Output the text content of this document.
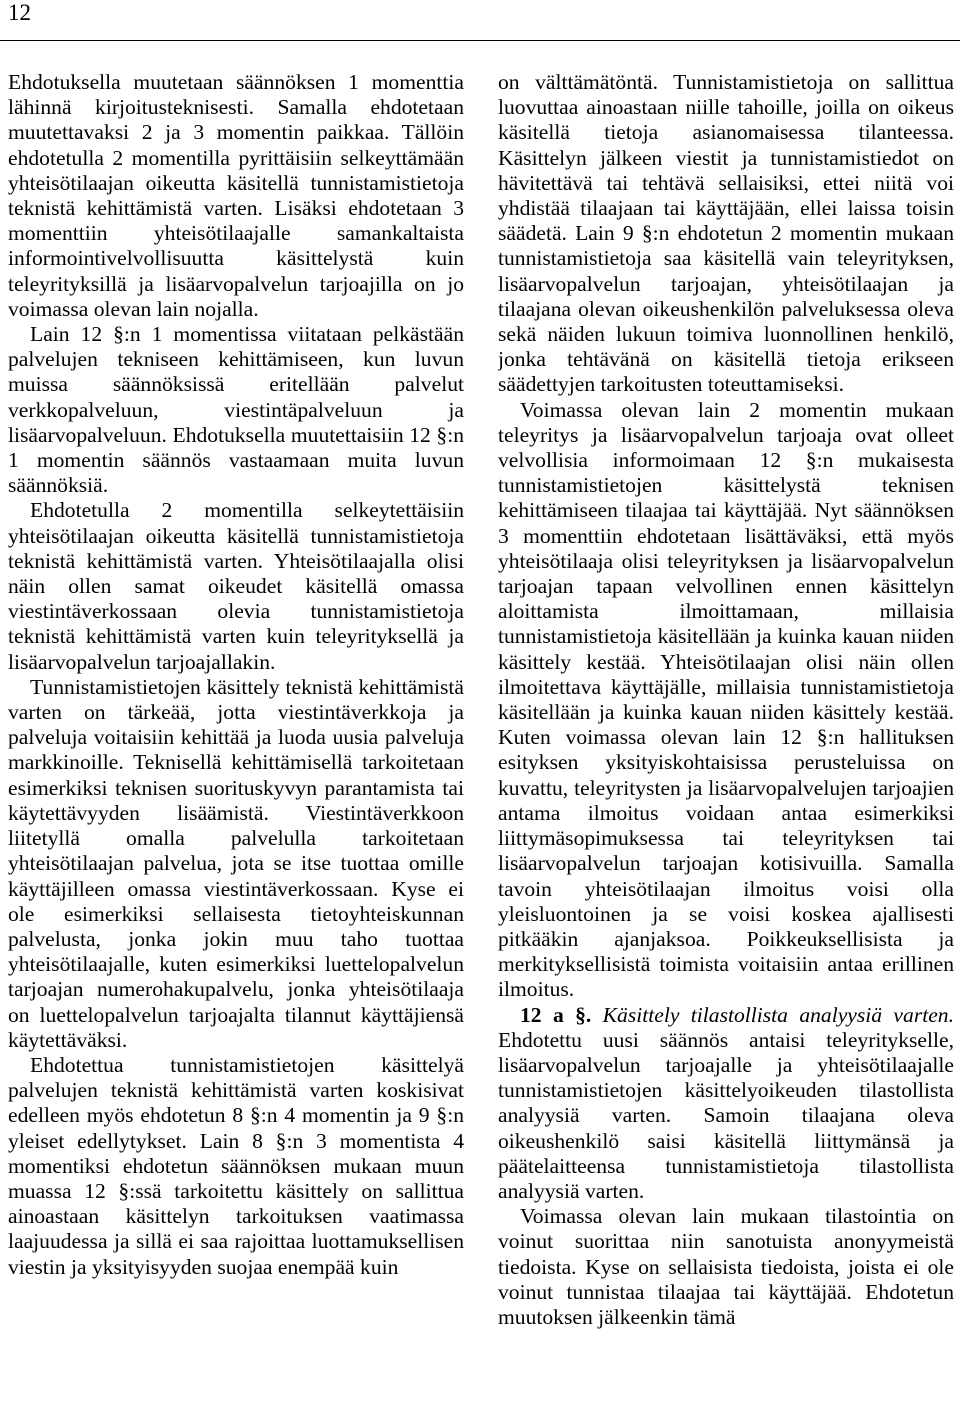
12

Ehdotuksella muutetaan säännöksen 1 momenttia lähinnä kirjoitusteknisesti. Samalla ehdotetaan muutettavaksi 2 ja 3 momentin paikkaa. Tällöin ehdotetulla 2 momentilla pyrittäisiin selkeyttämään yhteisötilaajan oikeutta käsitellä tunnistamistietoja teknistä kehittämistä varten. Lisäksi ehdotetaan 3 momenttiin yhteisötilaajalle samankaltaista informointivelvollisuutta käsittelystä kuin teleyrityksillä ja lisäarvopalvelun tarjoajilla on jo voimassa olevan lain nojalla.

Lain 12 §:n 1 momentissa viitataan pelkästään palvelujen tekniseen kehittämiseen, kun luvun muissa säännöksissä eritellään palvelut verkkopalveluun, viestintäpalveluun ja lisäarvopalveluun. Ehdotuksella muutettaisiin 12 §:n 1 momentin säännös vastaamaan muita luvun säännöksiä.

Ehdotetulla 2 momentilla selkeytettäisiin yhteisötilaajan oikeutta käsitellä tunnistamistietoja teknistä kehittämistä varten. Yhteisötilaajalla olisi näin ollen samat oikeudet käsitellä omassa viestintäverkossaan olevia tunnistamistietoja teknistä kehittämistä varten kuin teleyrityksellä ja lisäarvopalvelun tarjoajallakin.

Tunnistamistietojen käsittely teknistä kehittämistä varten on tärkeää, jotta viestintäverkkoja ja palveluja voitaisiin kehittää ja luoda uusia palveluja markkinoille. Teknisellä kehittämisellä tarkoitetaan esimerkiksi teknisen suorituskyvyn parantamista tai käytettävyyden lisäämistä. Viestintäverkkoon liitetyllä omalla palvelulla tarkoitetaan yhteisötilaajan palvelua, jota se itse tuottaa omille käyttäjilleen omassa viestintäverkossaan. Kyse ei ole esimerkiksi sellaisesta tietoyhteiskunnan palvelusta, jonka jokin muu taho tuottaa yhteisötilaajalle, kuten esimerkiksi luettelopalvelun tarjoajan numerohakupalvelu, jonka yhteisötilaaja on luettelopalvelun tarjoajalta tilannut käyttäjiensä käytettäväksi.

Ehdotettua tunnistamistietojen käsittelyä palvelujen teknistä kehittämistä varten koskisivat edelleen myös ehdotetun 8 §:n 4 momentin ja 9 §:n yleiset edellytykset. Lain 8 §:n 3 momentista 4 momentiksi ehdotetun säännöksen mukaan muun muassa 12 §:ssä tarkoitettu käsittely on sallittua ainoastaan käsittelyn tarkoituksen vaatimassa laajuudessa ja sillä ei saa rajoittaa luottamuksellisen viestin ja yksityisyyden suojaa enempää kuin

on välttämätöntä. Tunnistamistietoja on sallittua luovuttaa ainoastaan niille tahoille, joilla on oikeus käsitellä tietoja asianomaisessa tilanteessa. Käsittelyn jälkeen viestit ja tunnistamistiedot on hävitettävä tai tehtävä sellaisiksi, ettei niitä voi yhdistää tilaajaan tai käyttäjään, ellei laissa toisin säädetä. Lain 9 §:n ehdotetun 2 momentin mukaan tunnistamistietoja saa käsitellä vain teleyrityksen, lisäarvopalvelun tarjoajan, yhteisötilaajan ja tilaajana olevan oikeushenkilön palveluksessa oleva sekä näiden lukuun toimiva luonnollinen henkilö, jonka tehtävänä on käsitellä tietoja erikseen säädettyjen tarkoitusten toteuttamiseksi.

Voimassa olevan lain 2 momentin mukaan teleyritys ja lisäarvopalvelun tarjoaja ovat olleet velvollisia informoimaan 12 §:n mukaisesta tunnistamistietojen käsittelystä teknisen kehittämiseen tilaajaa tai käyttäjää. Nyt säännöksen 3 momenttiin ehdotetaan lisättäväksi, että myös yhteisötilaaja olisi teleyrityksen ja lisäarvopalvelun tarjoajan tapaan velvollinen ennen käsittelyn aloittamista ilmoittamaan, millaisia tunnistamistietoja käsitellään ja kuinka kauan niiden käsittely kestää. Yhteisötilaajan olisi näin ollen ilmoitettava käyttäjälle, millaisia tunnistamistietoja käsitellään ja kuinka kauan niiden käsittely kestää. Kuten voimassa olevan lain 12 §:n hallituksen esityksen yksityiskohtaisissa perusteluissa on kuvattu, teleyritysten ja lisäarvopalvelujen tarjoajien antama ilmoitus voidaan antaa esimerkiksi liittymäsopimuksessa tai teleyrityksen tai lisäarvopalvelun tarjoajan kotisivuilla. Samalla tavoin yhteisötilaajan ilmoitus voisi olla yleisluontoinen ja se voisi koskea ajallisesti pitkääkin ajanjaksoa. Poikkeuksellisista ja merkityksellisistä toimista voitaisiin antaa erillinen ilmoitus.

12 a §. Käsittely tilastollista analyysiä varten. Ehdotettu uusi säännös antaisi teleyritykselle, lisäarvopalvelun tarjoajalle ja yhteisötilaajalle tunnistamistietojen käsittelyoikeuden tilastollista analyysiä varten. Samoin tilaajana oleva oikeushenkilö saisi käsitellä liittymänsä ja päätelaitteensa tunnistamistietoja tilastollista analyysiä varten.

Voimassa olevan lain mukaan tilastointia on voinut suorittaa niin sanotuista anonyymeistä tiedoista. Kyse on sellaisista tiedoista, joista ei ole voinut tunnistaa tilaajaa tai käyttäjää. Ehdotetun muutoksen jälkeenkin tämä
